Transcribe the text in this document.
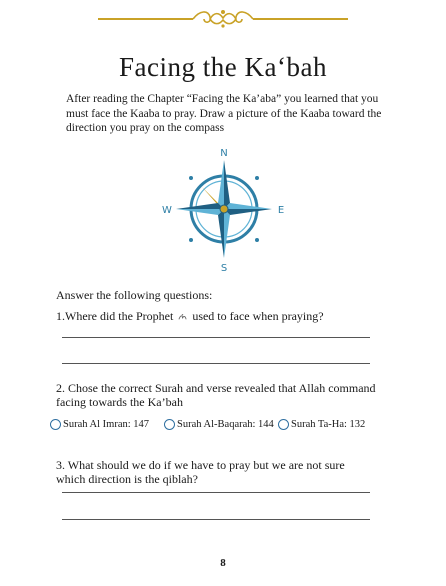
Facing the Ka‘bah
After reading the Chapter “Facing the Ka’aba” you learned that you must face the Kaaba to pray. Draw a picture of the Kaaba toward the direction you pray on the compass
N
E
S
W
Answer the following questions:
1.Where did the Prophet used to face when praying?
2. Chose the correct Surah and verse revealed that Allah command facing towards the Ka’bah
Surah Al Imran: 147	Surah Al-Baqarah: 144 Surah Ta-Ha: 132
3. What should we do if we have to pray but we are not sure which direction is the qiblah?
8
